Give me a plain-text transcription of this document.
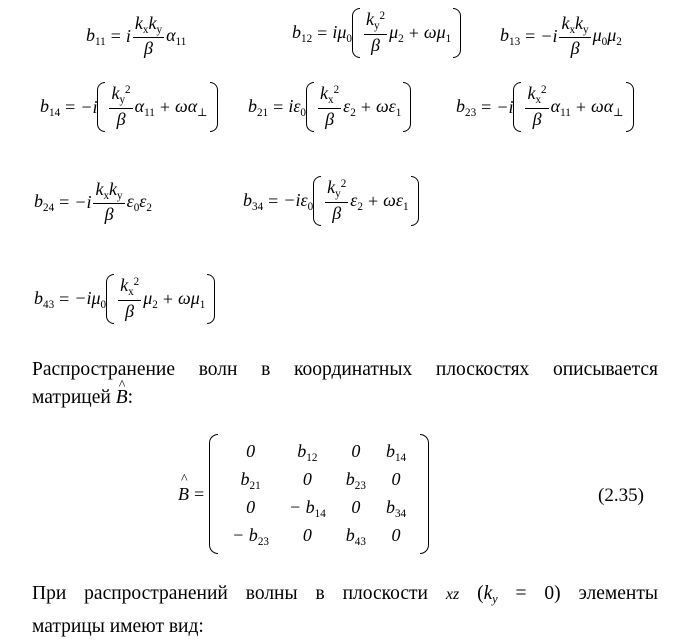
$b_{11} = i \frac{k_xk_y}{\beta} \alpha_{11}$
$b_{12} = i\mu_0 \frac{k_y^2}{\beta} \mu_2 + \omega\mu_1$	$b_{13} = -i \frac{k_xk_y}{\beta} \mu_0\mu_2$
$b_{14} = -i \frac{k_y^2}{\beta} \alpha_{11} + \omega\alpha_\perp$ $b_{21} = i\varepsilon_0 \frac{k_x^2}{\beta} \varepsilon_2 + \omega\varepsilon_1$	$b_{23} = -i \frac{k_x^2}{\beta} \alpha_{11} + \omega\alpha_\perp$
$b_{24} = -i \frac{k_xk_y}{\beta} \varepsilon_0\varepsilon_2$	$b_{34} = -i\varepsilon_0 \frac{k_y^2}{\beta} \varepsilon_2 + \omega\varepsilon_1$
$b_{43} = -i\mu_0 \frac{k_x^2}{\beta} \mu_2 + \omega\mu_1$
Распространение волн в координатных плоскостях описывается
матрицей ^ B:
^ B =
0	$b_{12}$	0	$b_{14}$
$b_{21}$	0	$b_{23}$	0
0	− $b_{14}$	0	$b_{34}$
− $b_{23}$	0	$b_{43}$	0
(2.35)
При распространений волны в плоскости xz $(k_y = 0)$ элементы
матрицы имеют вид:
